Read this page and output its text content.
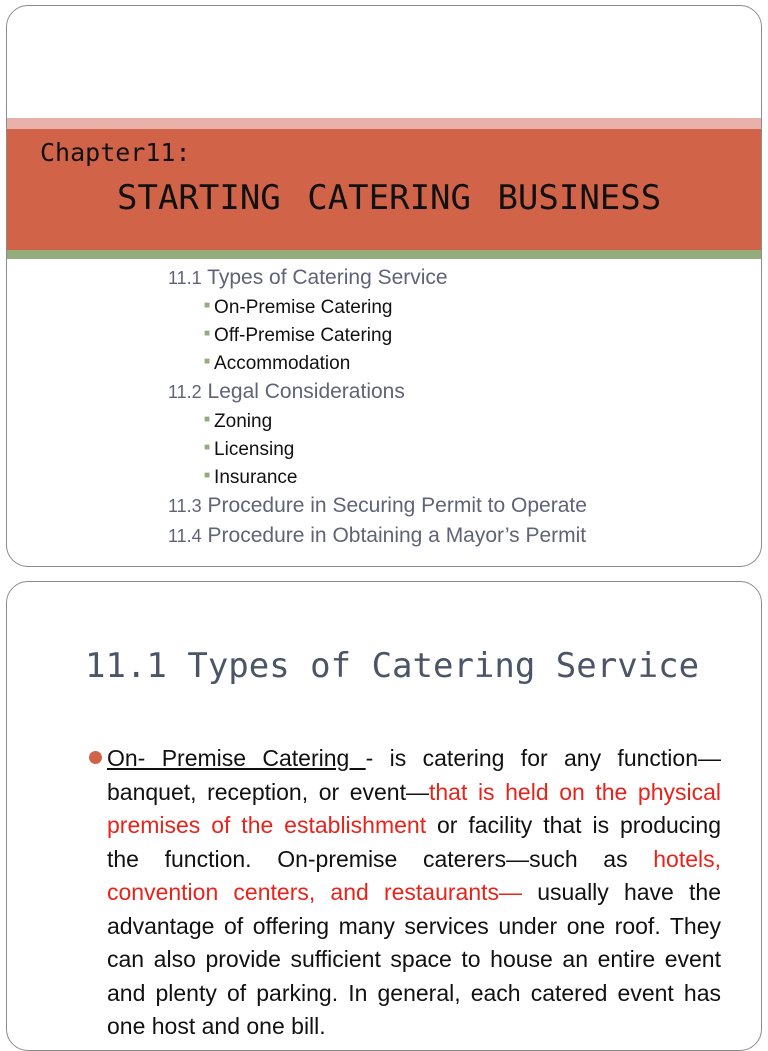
Chapter11:
STARTING CATERING BUSINESS
11.1 Types of Catering Service
■ On-Premise Catering
■ Off-Premise Catering
■ Accommodation
11.2 Legal Considerations
■ Zoning
■ Licensing
■ Insurance
11.3 Procedure in Securing Permit to Operate
11.4 Procedure in Obtaining a Mayor’s Permit
11.1 Types of Catering Service
On- Premise Catering - is catering for any function—banquet, reception, or event—that is held on the physical premises of the establishment or facility that is producing the function. On-premise caterers—such as hotels, convention centers, and restaurants— usually have the advantage of offering many services under one roof. They can also provide sufficient space to house an entire event and plenty of parking. In general, each catered event has one host and one bill.
